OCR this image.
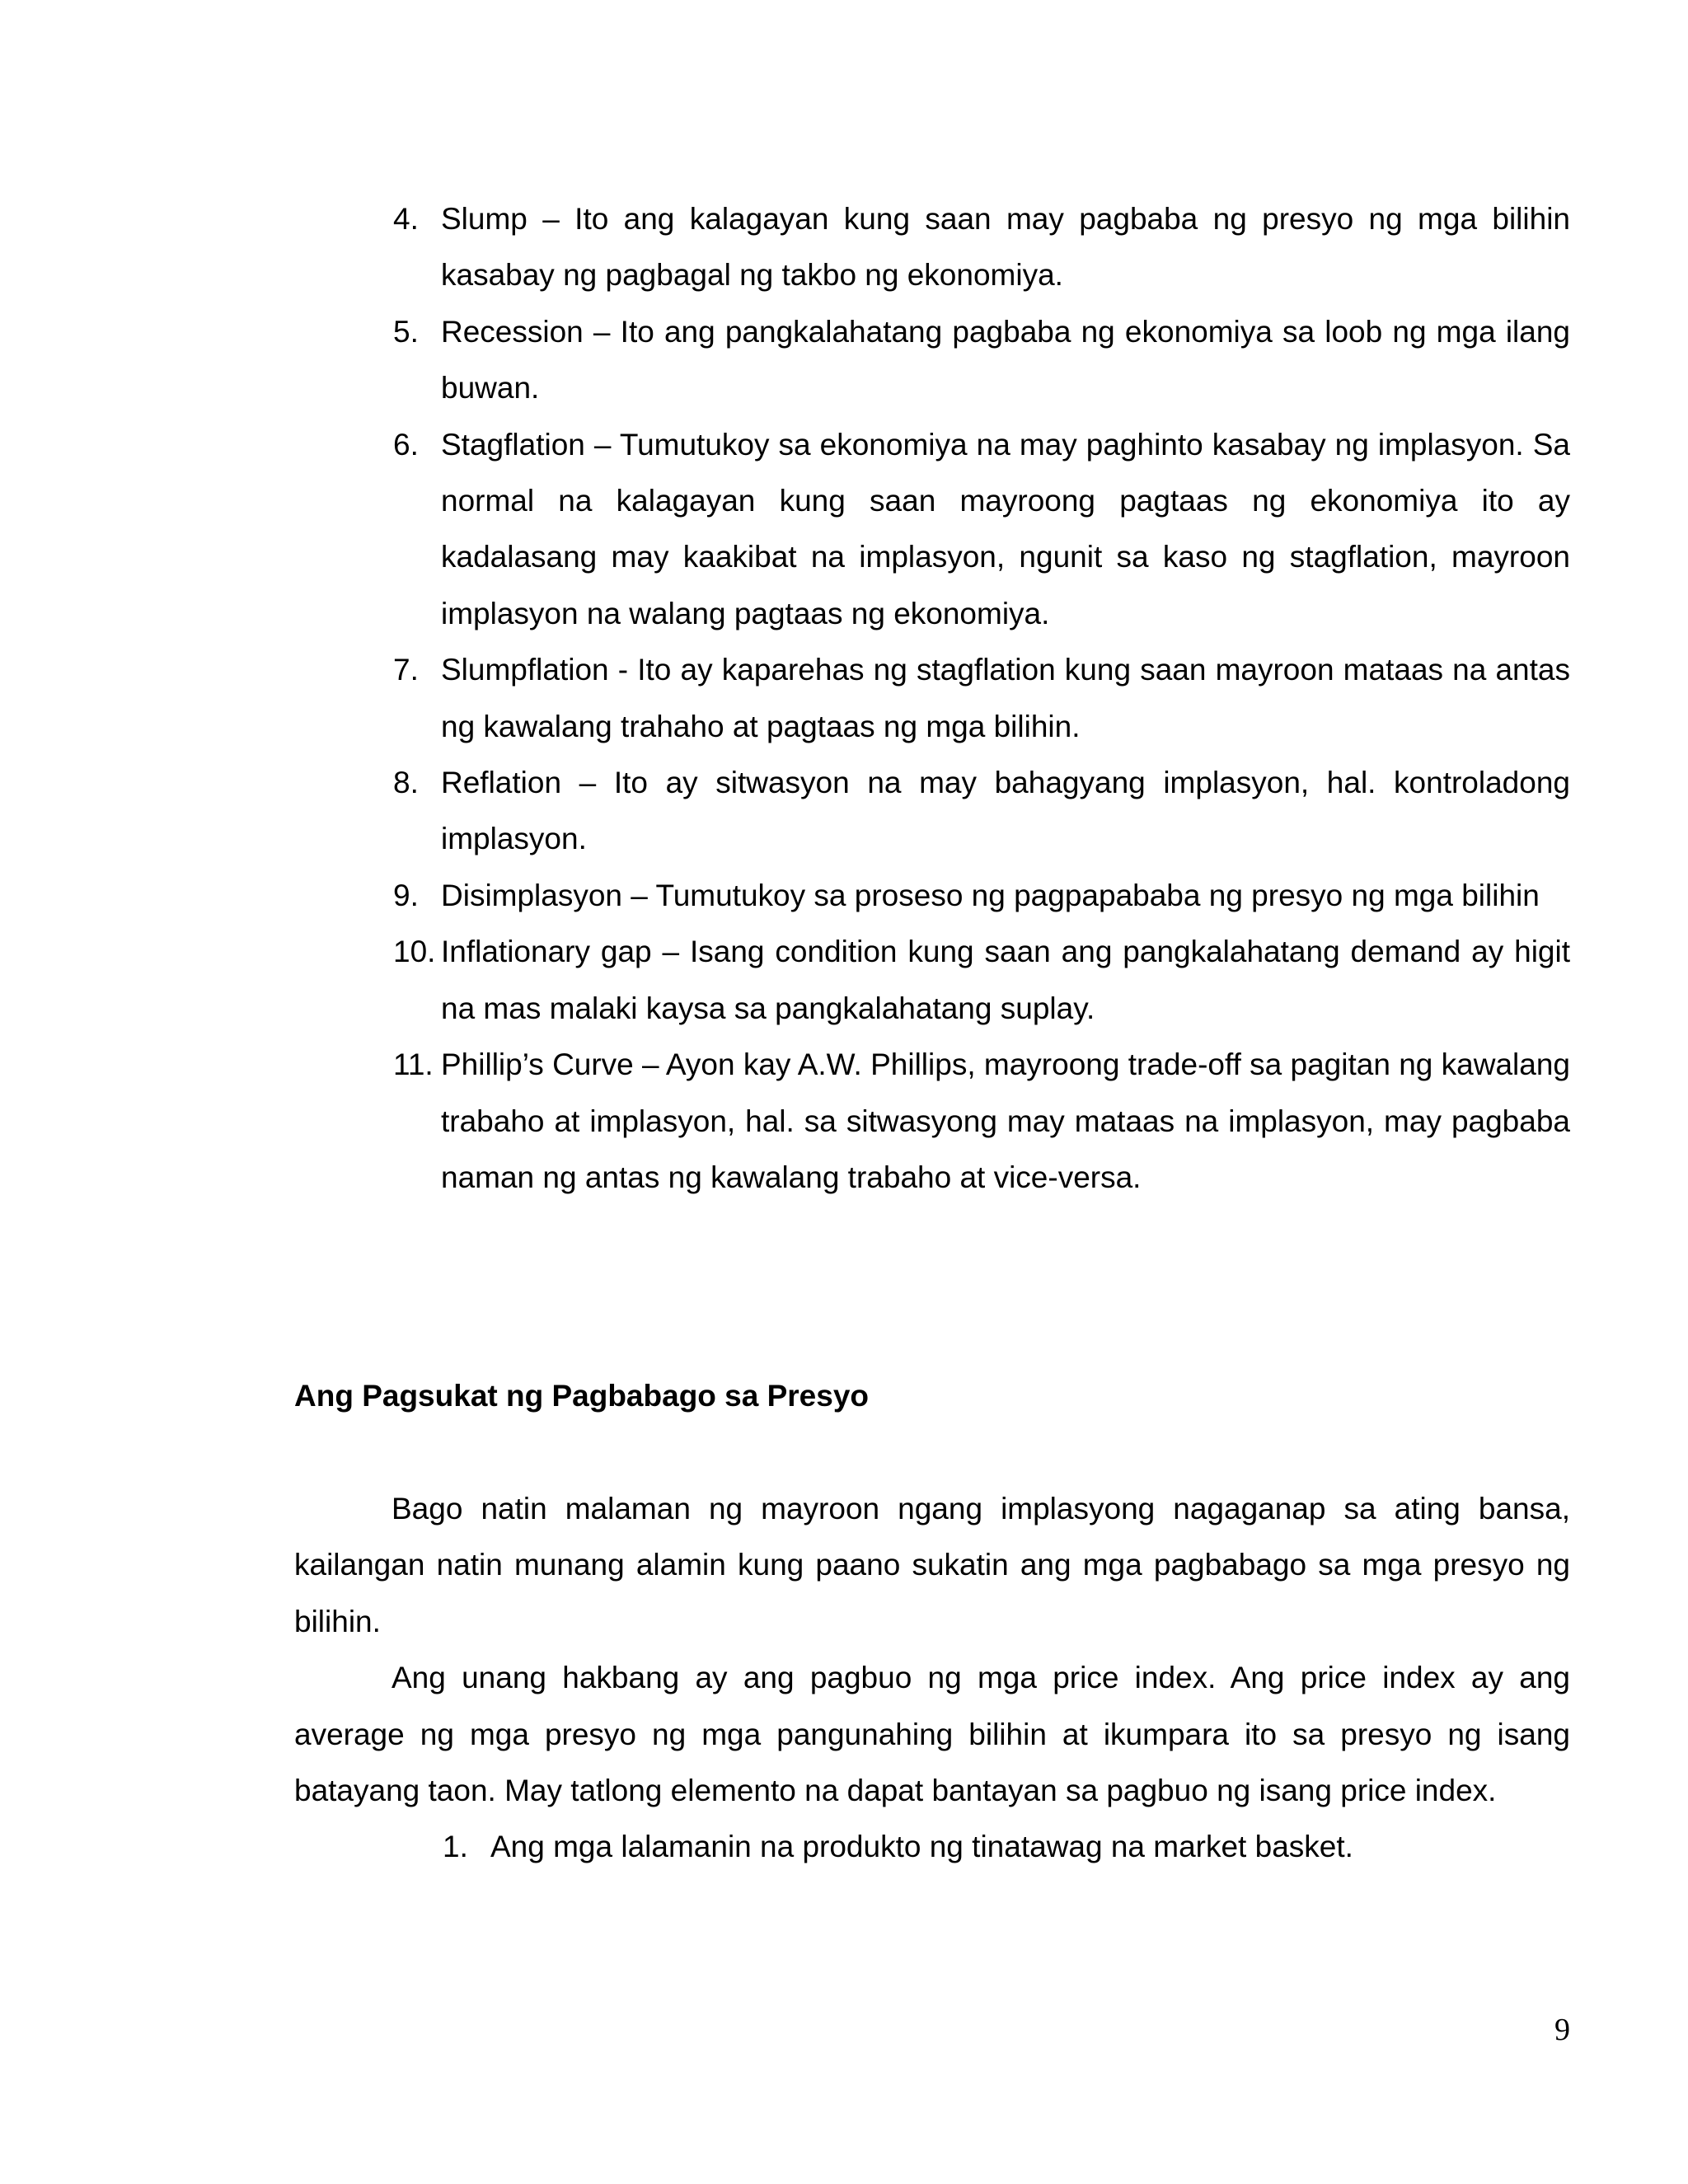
4. Slump – Ito ang kalagayan kung saan may pagbaba ng presyo ng mga bilihin kasabay ng pagbagal ng takbo ng ekonomiya.
5. Recession – Ito ang pangkalahatang pagbaba ng ekonomiya sa loob ng mga ilang buwan.
6. Stagflation – Tumutukoy sa ekonomiya na may paghinto kasabay ng implasyon. Sa normal na kalagayan kung saan mayroong pagtaas ng ekonomiya ito ay kadalasang may kaakibat na implasyon, ngunit sa kaso ng stagflation, mayroon implasyon na walang pagtaas ng ekonomiya.
7. Slumpflation - Ito ay kaparehas ng stagflation kung saan mayroon mataas na antas ng kawalang trahaho at pagtaas ng mga bilihin.
8. Reflation – Ito ay sitwasyon na may bahagyang implasyon, hal. kontroladong implasyon.
9. Disimplasyon – Tumutukoy sa proseso ng pagpapababa ng presyo ng mga bilihin
10. Inflationary gap – Isang condition kung saan ang pangkalahatang demand ay higit na mas malaki kaysa sa pangkalahatang suplay.
11. Phillip’s Curve – Ayon kay A.W. Phillips, mayroong trade-off sa pagitan ng kawalang trabaho at implasyon, hal. sa sitwasyong may mataas na implasyon, may pagbaba naman ng antas ng kawalang trabaho at vice-versa.
Ang Pagsukat ng Pagbabago sa Presyo

Bago natin malaman ng mayroon ngang implasyong nagaganap sa ating bansa, kailangan natin munang alamin kung paano sukatin ang mga pagbabago sa mga presyo ng bilihin.

Ang unang hakbang ay ang pagbuo ng mga price index. Ang price index ay ang average ng mga presyo ng mga pangunahing bilihin at ikumpara ito sa presyo ng isang batayang taon. May tatlong elemento na dapat bantayan sa pagbuo ng isang price index.

1. Ang mga lalamanin na produkto ng tinatawag na market basket.
9
